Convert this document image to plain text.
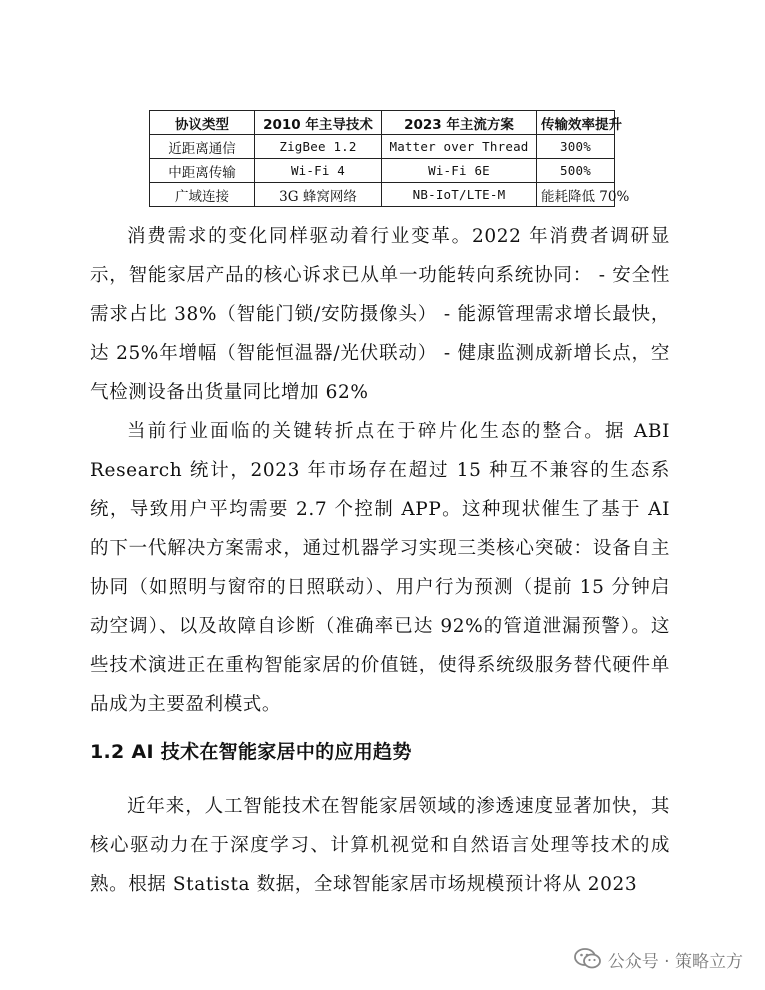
协议类型	2010 年主导技术	2023 年主流方案	传输效率提升
近距离通信	ZigBee 1.2	Matter over Thread	300%
中距离传输	Wi-Fi 4	Wi-Fi 6E	500%
广域连接	3G 蜂窝网络	NB-IoT/LTE-M	能耗降低 70%

消费需求的变化同样驱动着行业变革。2022 年消费者调研显示，智能家居产品的核心诉求已从单一功能转向系统协同： - 安全性需求占比 38%（智能门锁/安防摄像头） - 能源管理需求增长最快，达 25%年增幅（智能恒温器/光伏联动） - 健康监测成新增长点，空气检测设备出货量同比增加 62%

当前行业面临的关键转折点在于碎片化生态的整合。据 ABI Research 统计，2023 年市场存在超过 15 种互不兼容的生态系统，导致用户平均需要 2.7 个控制 APP。这种现状催生了基于 AI 的下一代解决方案需求，通过机器学习实现三类核心突破：设备自主协同（如照明与窗帘的日照联动）、用户行为预测（提前 15 分钟启动空调）、以及故障自诊断（准确率已达 92%的管道泄漏预警）。这些技术演进正在重构智能家居的价值链，使得系统级服务替代硬件单品成为主要盈利模式。

1.2 AI 技术在智能家居中的应用趋势

近年来，人工智能技术在智能家居领域的渗透速度显著加快，其核心驱动力在于深度学习、计算机视觉和自然语言处理等技术的成熟。根据 Statista 数据，全球智能家居市场规模预计将从 2023

公众号 · 策略立方
